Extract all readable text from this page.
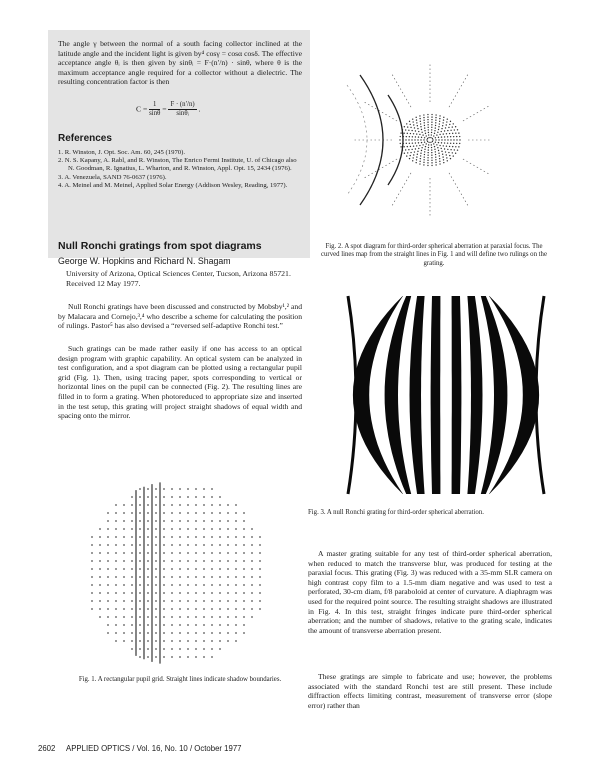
The angle γ between the normal of a south facing collector inclined at the latitude angle and the incident light is given by⁴ cosγ = cosα cosδ. The effective acceptance angle θᵢ is then given by sinθᵢ = F·(n′/n) · sinθ, where θ is the maximum acceptance angle required for a collector without a dielectric. The resulting concentration factor is then

$C = \frac{1}{\sin\theta} = \frac{F \cdot (n'/n)}{\text{sinθᵢ}}$ .
References

1. R. Winston, J. Opt. Soc. Am. 60, 245 (1970).

2. N. S. Kapany, A. Rabl, and R. Winston, The Enrico Fermi Institute, U. of Chicago also N. Goodman, R. Ignatius, L. Wharton, and R. Winston, Appl. Opt. 15, 2434 (1976).

3. A. Venezuela, SAND 76-0637 (1976).

4. A. Meinel and M. Meinel, Applied Solar Energy (Addison Wesley, Reading, 1977).

Null Ronchi gratings from spot diagrams
George W. Hopkins and Richard N. Shagam

University of Arizona, Optical Sciences Center, Tucson, Arizona 85721.

Received 12 May 1977.

Null Ronchi gratings have been discussed and constructed by Mobsby¹,² and by Malacara and Cornejo,³,⁴ who describe a scheme for calculating the position of rulings. Pastor⁵ has also devised a “reversed self-adaptive Ronchi test.”

Such gratings can be made rather easily if one has access to an optical design program with graphic capability. An optical system can be analyzed in test configuration, and a spot diagram can be plotted using a rectangular pupil grid (Fig. 1). Then, using tracing paper, spots corresponding to vertical or horizontal lines on the pupil can be connected (Fig. 2). The resulting lines are filled in to form a grating. When photoreduced to appropriate size and inserted in the test setup, this grating will project straight shadows of equal width and spacing onto the mirror.

Fig. 1. A rectangular pupil grid. Straight lines indicate shadow boundaries.
Fig. 2. A spot diagram for third-order spherical aberration at paraxial focus. The curved lines map from the straight lines in Fig. 1 and will define two rulings on the grating.
Fig. 3. A null Ronchi grating for third-order spherical aberration.

A master grating suitable for any test of third-order spherical aberration, when reduced to match the transverse blur, was produced for testing at the paraxial focus. This grating (Fig. 3) was reduced with a 35-mm SLR camera on high contrast copy film to a 1.5-mm diam negative and was used to test a perforated, 30-cm diam, f/8 paraboloid at center of curvature. A diaphragm was used for the required point source. The resulting straight shadows are illustrated in Fig. 4. In this test, straight fringes indicate pure third-order spherical aberration; and the number of shadows, relative to the grating scale, indicates the amount of transverse aberration present.

These gratings are simple to fabricate and use; however, the problems associated with the standard Ronchi test are still present. These include diffraction effects limiting contrast, measurement of transverse error (slope error) rather than

2602 APPLIED OPTICS / Vol. 16, No. 10 / October 1977
